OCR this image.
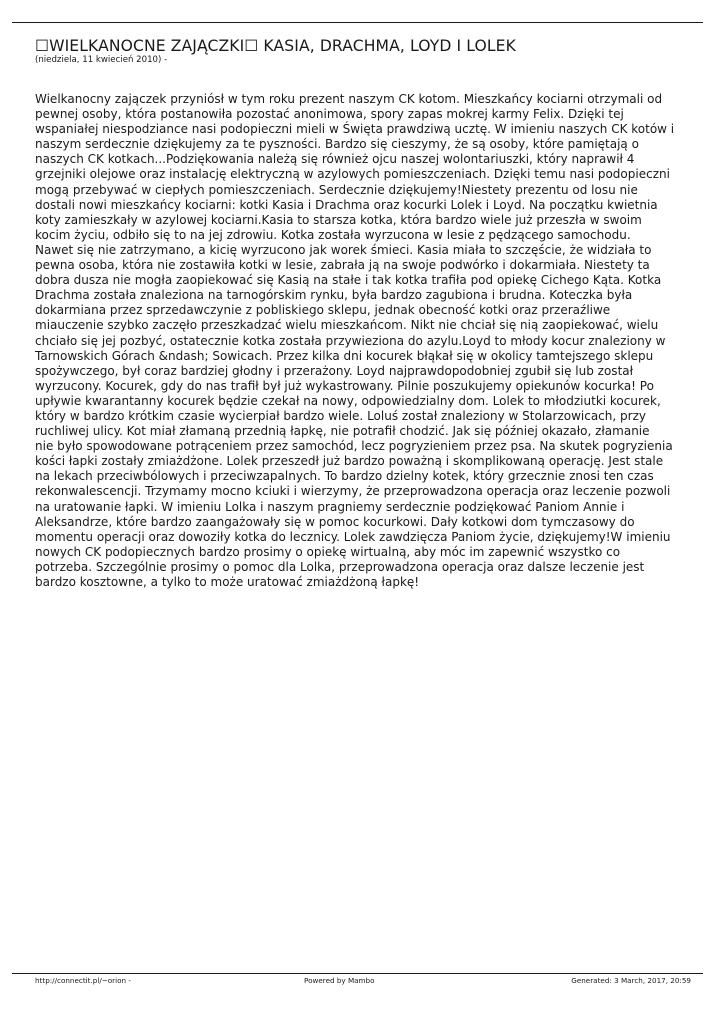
☐WIELKANOCNE ZAJĄCZKI☐ KASIA, DRACHMA, LOYD I LOLEK
(niedziela, 11 kwiecień 2010) -
Wielkanocny zajączek przyniósł w tym roku prezent naszym CK kotom. Mieszkańcy kociarni otrzymali od
pewnej osoby, która postanowiła pozostać anonimowa, spory zapas mokrej karmy Felix. Dzięki tej
wspaniałej niespodziance nasi podopieczni mieli w Święta prawdziwą ucztę. W imieniu naszych CK kotów i
naszym serdecznie dziękujemy za te pyszności. Bardzo się cieszymy, że są osoby, które pamiętają o
naszych CK kotkach...Podziękowania należą się również ojcu naszej wolontariuszki, który naprawił 4
grzejniki olejowe oraz instalację elektryczną w azylowych pomieszczeniach. Dzięki temu nasi podopieczni
mogą przebywać w ciepłych pomieszczeniach. Serdecznie dziękujemy!Niestety prezentu od losu nie
dostali nowi mieszkańcy kociarni: kotki Kasia i Drachma oraz kocurki Lolek i Loyd. Na początku kwietnia
koty zamieszkały w azylowej kociarni.Kasia to starsza kotka, która bardzo wiele już przeszła w swoim
kocim życiu, odbiło się to na jej zdrowiu. Kotka została wyrzucona w lesie z pędzącego samochodu.
Nawet się nie zatrzymano, a kicię wyrzucono jak worek śmieci. Kasia miała to szczęście, że widziała to
pewna osoba, która nie zostawiła kotki w lesie, zabrała ją na swoje podwórko i dokarmiała. Niestety ta
dobra dusza nie mogła zaopiekować się Kasią na stałe i tak kotka trafiła pod opiekę Cichego Kąta. Kotka
Drachma została znaleziona na tarnogórskim rynku, była bardzo zagubiona i brudna. Koteczka była
dokarmiana przez sprzedawczynie z pobliskiego sklepu, jednak obecność kotki oraz przeraźliwe
miauczenie szybko zaczęło przeszkadzać wielu mieszkańcom. Nikt nie chciał się nią zaopiekować, wielu
chciało się jej pozbyć, ostatecznie kotka została przywieziona do azylu.Loyd to młody kocur znaleziony w
Tarnowskich Górach &ndash; Sowicach. Przez kilka dni kocurek błąkał się w okolicy tamtejszego sklepu
spożywczego, był coraz bardziej głodny i przerażony. Loyd najprawdopodobniej zgubił się lub został
wyrzucony. Kocurek, gdy do nas trafił był już wykastrowany. Pilnie poszukujemy opiekunów kocurka! Po
upływie kwarantanny kocurek będzie czekał na nowy, odpowiedzialny dom. Lolek to młodziutki kocurek,
który w bardzo krótkim czasie wycierpiał bardzo wiele. Loluś został znaleziony w Stolarzowicach, przy
ruchliwej ulicy. Kot miał złamaną przednią łapkę, nie potrafił chodzić. Jak się później okazało, złamanie
nie było spowodowane potrąceniem przez samochód, lecz pogryzieniem przez psa. Na skutek pogryzienia
kości łapki zostały zmiażdżone. Lolek przeszedł już bardzo poważną i skomplikowaną operację. Jest stale
na lekach przeciwbólowych i przeciwzapalnych. To bardzo dzielny kotek, który grzecznie znosi ten czas
rekonwalescencji. Trzymamy mocno kciuki i wierzymy, że przeprowadzona operacja oraz leczenie pozwoli
na uratowanie łapki. W imieniu Lolka i naszym pragniemy serdecznie podziękować Paniom Annie i
Aleksandrze, które bardzo zaangażowały się w pomoc kocurkowi. Dały kotkowi dom tymczasowy do
momentu operacji oraz dowoziły kotka do lecznicy. Lolek zawdzięcza Paniom życie, dziękujemy!W imieniu
nowych CK podopiecznych bardzo prosimy o opiekę wirtualną, aby móc im zapewnić wszystko co
potrzeba. Szczególnie prosimy o pomoc dla Lolka, przeprowadzona operacja oraz dalsze leczenie jest
bardzo kosztowne, a tylko to może uratować zmiażdżoną łapkę!
http://connectit.pl/~orion -	Powered by Mambo	Generated: 3 March, 2017, 20:59
